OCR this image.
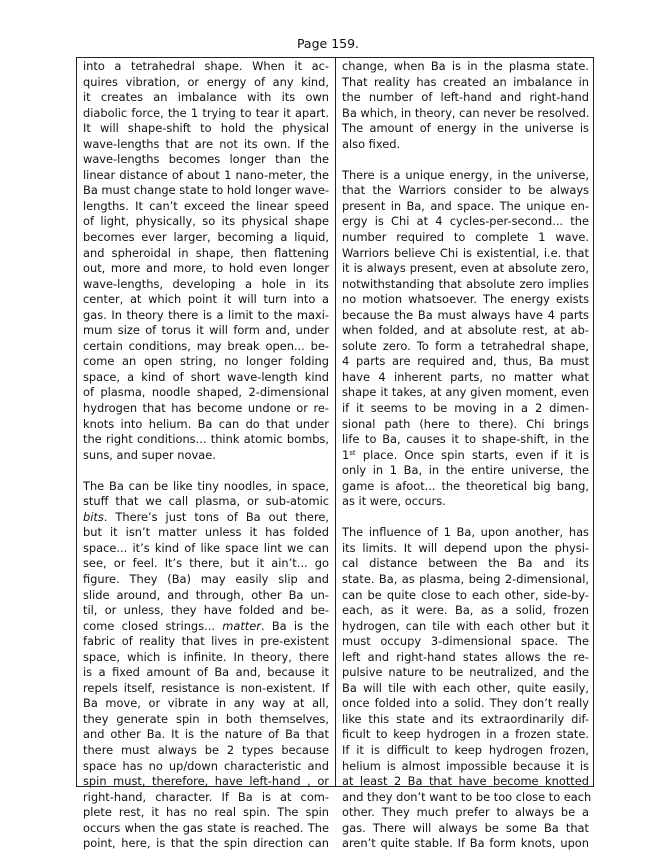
Page 159.

into a tetrahedral shape. When it ac-
quires vibration, or energy of any kind,
it creates an imbalance with its own
diabolic force, the 1 trying to tear it apart.
It will shape-shift to hold the physical
wave-lengths that are not its own. If the
wave-lengths becomes longer than the
linear distance of about 1 nano-meter, the
Ba must change state to hold longer wave-
lengths. It can’t exceed the linear speed
of light, physically, so its physical shape
becomes ever larger, becoming a liquid,
and spheroidal in shape, then flattening
out, more and more, to hold even longer
wave-lengths, developing a hole in its
center, at which point it will turn into a
gas. In theory there is a limit to the maxi-
mum size of torus it will form and, under
certain conditions, may break open... be-
come an open string, no longer folding
space, a kind of short wave-length kind
of plasma, noodle shaped, 2-dimensional
hydrogen that has become undone or re-
knots into helium. Ba can do that under
the right conditions... think atomic bombs,
suns, and super novae.

The Ba can be like tiny noodles, in space,
stuff that we call plasma, or sub-atomic
bits. There’s just tons of Ba out there,
but it isn’t matter unless it has folded
space... it’s kind of like space lint we can
see, or feel. It’s there, but it ain’t... go
figure. They (Ba) may easily slip and
slide around, and through, other Ba un-
til, or unless, they have folded and be-
come closed strings... matter. Ba is the
fabric of reality that lives in pre-existent
space, which is infinite. In theory, there
is a fixed amount of Ba and, because it
repels itself, resistance is non-existent. If
Ba move, or vibrate in any way at all,
they generate spin in both themselves,
and other Ba. It is the nature of Ba that
there must always be 2 types because
space has no up/down characteristic and
spin must, therefore, have left-hand , or
right-hand, character. If Ba is at com-
plete rest, it has no real spin. The spin
occurs when the gas state is reached. The
point, here, is that the spin direction can

change, when Ba is in the plasma state.
That reality has created an imbalance in
the number of left-hand and right-hand
Ba which, in theory, can never be resolved.
The amount of energy in the universe is
also fixed.

There is a unique energy, in the universe,
that the Warriors consider to be always
present in Ba, and space. The unique en-
ergy is Chi at 4 cycles-per-second... the
number required to complete 1 wave.
Warriors believe Chi is existential, i.e. that
it is always present, even at absolute zero,
notwithstanding that absolute zero implies
no motion whatsoever. The energy exists
because the Ba must always have 4 parts
when folded, and at absolute rest, at ab-
solute zero. To form a tetrahedral shape,
4 parts are required and, thus, Ba must
have 4 inherent parts, no matter what
shape it takes, at any given moment, even
if it seems to be moving in a 2 dimen-
sional path (here to there). Chi brings
life to Ba, causes it to shape-shift, in the
1st place. Once spin starts, even if it is
only in 1 Ba, in the entire universe, the
game is afoot... the theoretical big bang,
as it were, occurs.

The influence of 1 Ba, upon another, has
its limits. It will depend upon the physi-
cal distance between the Ba and its
state. Ba, as plasma, being 2-dimensional,
can be quite close to each other, side-by-
each, as it were. Ba, as a solid, frozen
hydrogen, can tile with each other but it
must occupy 3-dimensional space. The
left and right-hand states allows the re-
pulsive nature to be neutralized, and the
Ba will tile with each other, quite easily,
once folded into a solid. They don’t really
like this state and its extraordinarily dif-
ficult to keep hydrogen in a frozen state.
If it is difficult to keep hydrogen frozen,
helium is almost impossible because it is
at least 2 Ba that have become knotted
and they don’t want to be too close to each
other. They much prefer to always be a
gas. There will always be some Ba that
aren’t quite stable. If Ba form knots, upon
